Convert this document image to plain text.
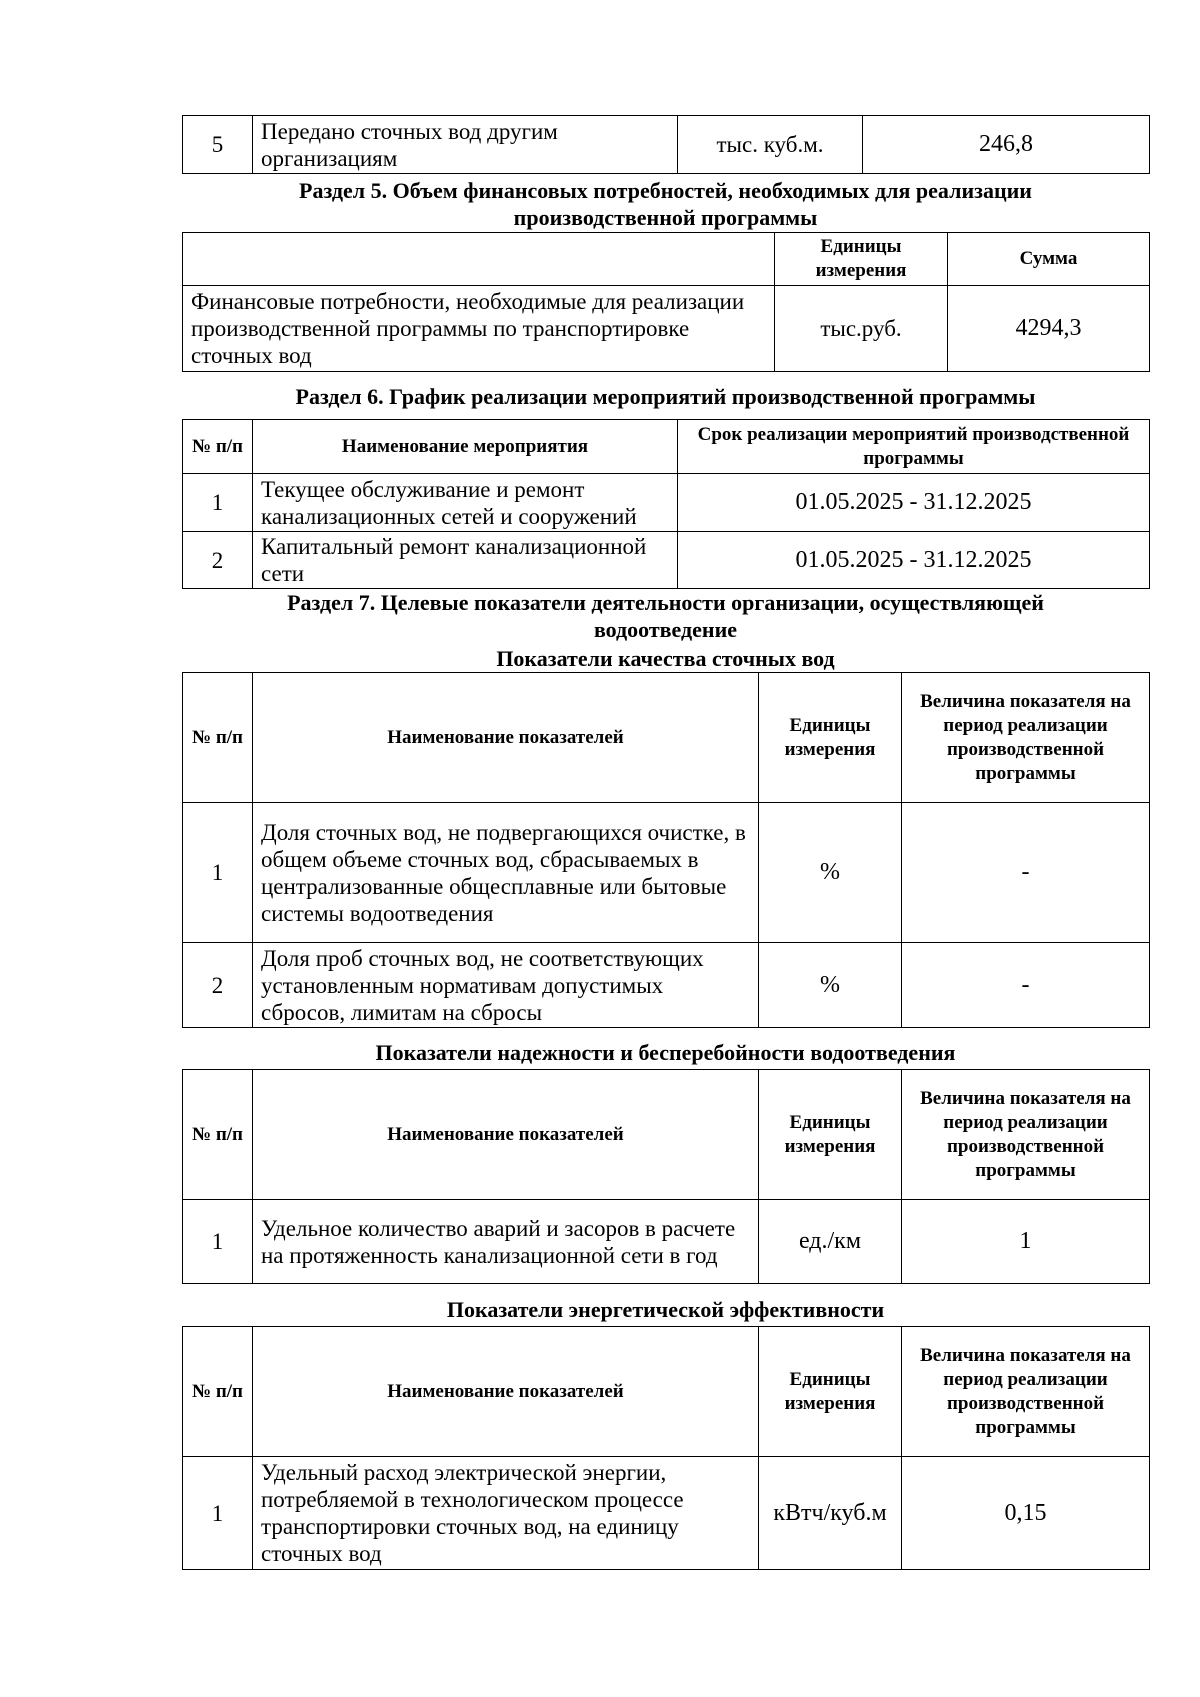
5	Передано сточных вод другим организациям	тыс. куб.м.	246,8
Раздел 5. Объем финансовых потребностей, необходимых для реализации
производственной программы
	Единицы измерения	Сумма
Финансовые потребности, необходимые для реализации производственной программы по транспортировке сточных вод	тыс.руб.	4294,3
Раздел 6. График реализации мероприятий производственной программы
№ п/п	Наименование мероприятия	Срок реализации мероприятий производственной программы
1	Текущее обслуживание и ремонт канализационных сетей и сооружений	01.05.2025 - 31.12.2025
2	Капитальный ремонт канализационной сети	01.05.2025 - 31.12.2025
Раздел 7. Целевые показатели деятельности организации, осуществляющей
водоотведение
Показатели качества сточных вод
№ п/п	Наименование показателей	Единицы измерения	Величина показателя на период реализации производственной программы
1	Доля сточных вод, не подвергающихся очистке, в общем объеме сточных вод, сбрасываемых в централизованные общесплавные или бытовые системы водоотведения	%	-
2	Доля проб сточных вод, не соответствующих установленным нормативам допустимых сбросов, лимитам на сбросы	%	-
Показатели надежности и бесперебойности водоотведения
№ п/п	Наименование показателей	Единицы измерения	Величина показателя на период реализации производственной программы
1	Удельное количество аварий и засоров в расчете на протяженность канализационной сети в год	ед./км	1
Показатели энергетической эффективности
№ п/п	Наименование показателей	Единицы измерения	Величина показателя на период реализации производственной программы
1	Удельный расход электрической энергии, потребляемой в технологическом процессе транспортировки сточных вод, на единицу сточных вод	кВтч/куб.м	0,15
